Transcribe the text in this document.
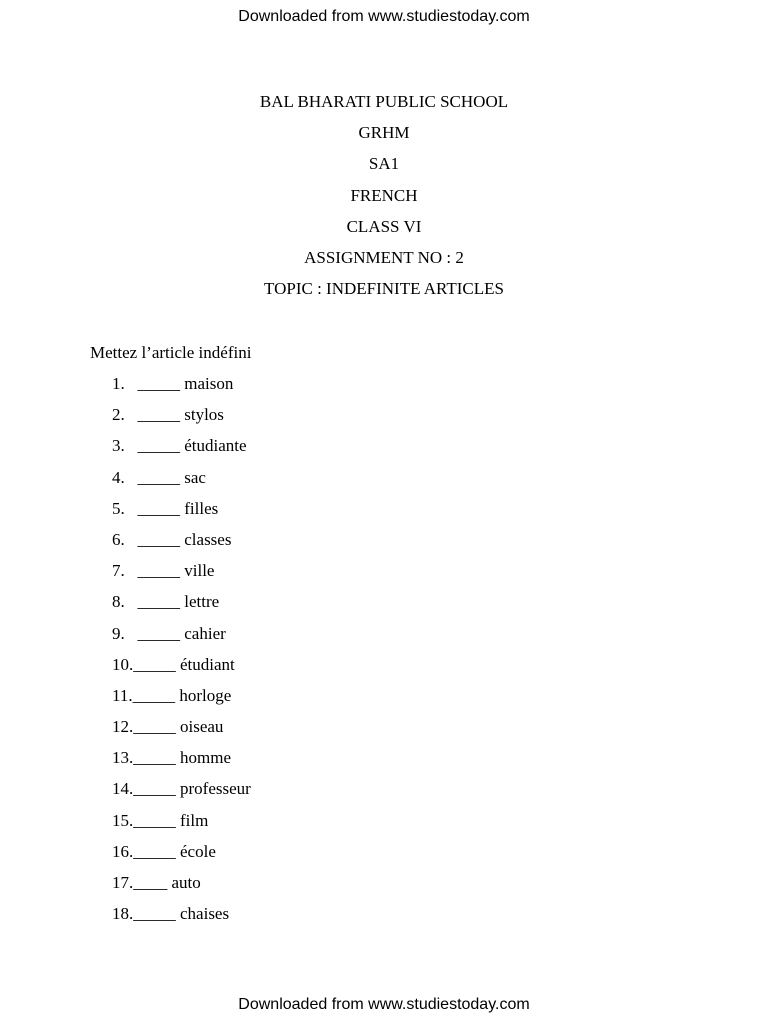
Downloaded from www.studiestoday.com
BAL BHARATI PUBLIC SCHOOL
GRHM
SA1
FRENCH
CLASS VI
ASSIGNMENT NO : 2
TOPIC : INDEFINITE ARTICLES
Mettez l’article indéfini
1.   _____ maison
2.   _____ stylos
3.   _____ étudiante
4.   _____ sac
5.   _____ filles
6.   _____ classes
7.   _____ ville
8.   _____ lettre
9.   _____ cahier
10._____ étudiant
11._____ horloge
12._____ oiseau
13._____ homme
14._____ professeur
15._____ film
16._____ école
17.____ auto
18._____ chaises
Downloaded from www.studiestoday.com
